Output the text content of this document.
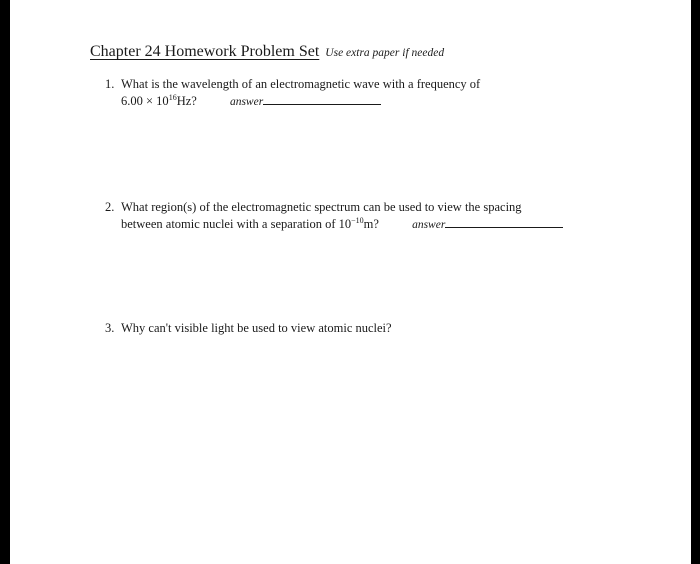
Chapter 24 Homework Problem Set Use extra paper if needed
1. What is the wavelength of an electromagnetic wave with a frequency of
$6.00 \times 10^{16}Hz$?	answer
2. What region(s) of the electromagnetic spectrum can be used to view the spacing
between atomic nuclei with a separation of $10^{-10}m$?	answer
3. Why can't visible light be used to view atomic nuclei?
